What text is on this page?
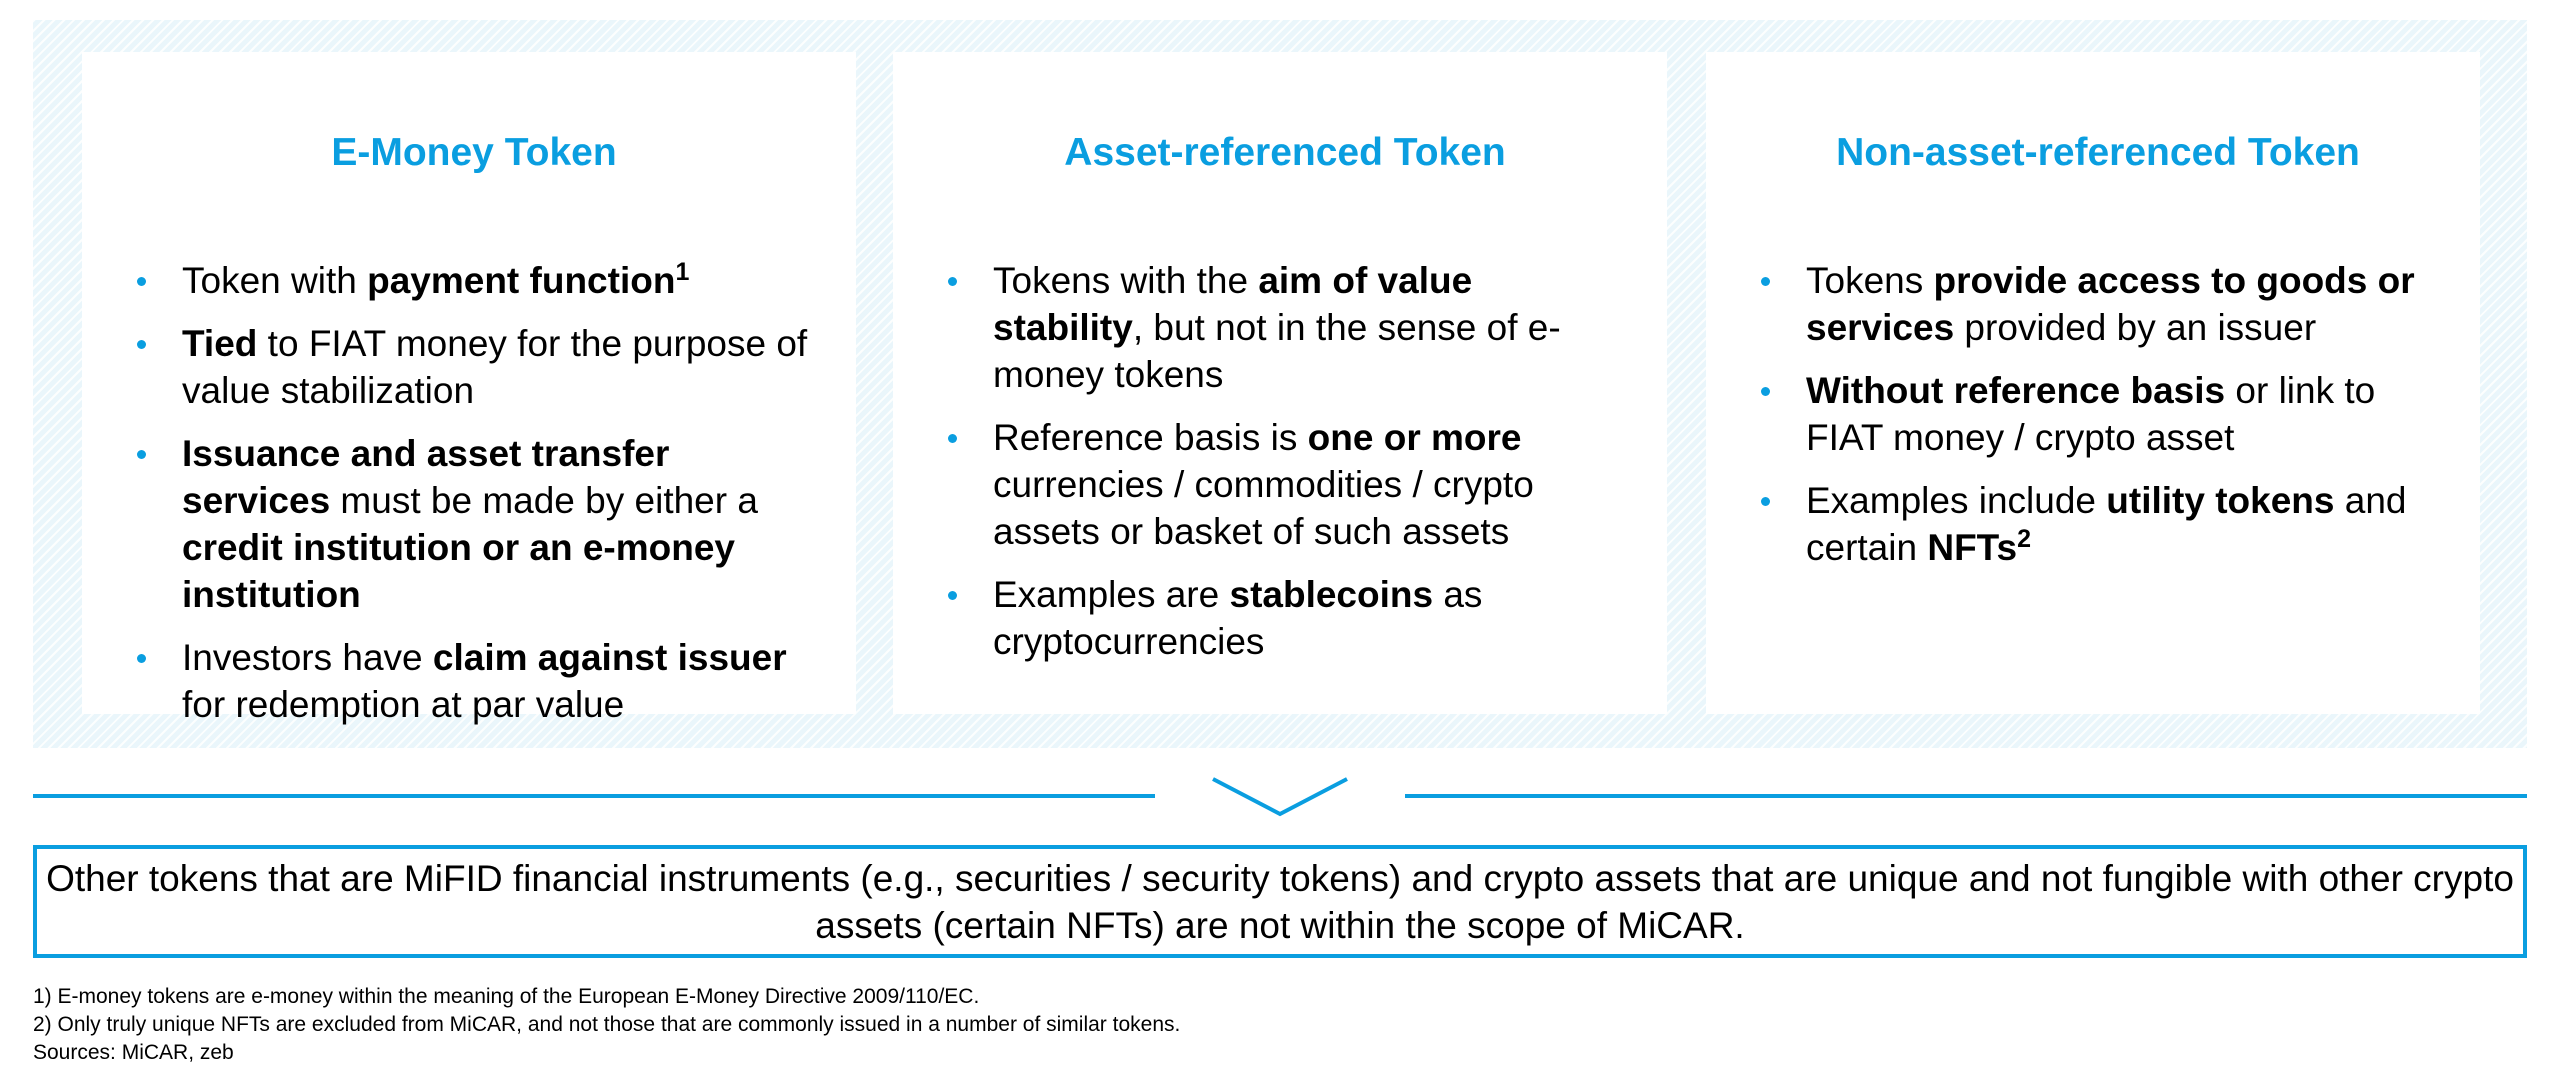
E-Money Token
Token with payment function$^1$
Tied to FIAT money for the purpose of value stabilization
Issuance and asset transfer services must be made by either a credit institution or an e-money institution
Investors have claim against issuer for redemption at par value
Asset-referenced Token
Tokens with the aim of value stability, but not in the sense of e-money tokens
Reference basis is one or more currencies / commodities / crypto assets or basket of such assets
Examples are stablecoins as cryptocurrencies
Non-asset-referenced Token
Tokens provide access to goods or services provided by an issuer
Without reference basis or link to FIAT money / crypto asset
Examples include utility tokens and certain NFTs$^2$
Other tokens that are MiFID financial instruments (e.g., securities / security tokens) and crypto assets that are unique and not fungible with other crypto assets (certain NFTs) are not within the scope of MiCAR.
1) E-money tokens are e-money within the meaning of the European E-Money Directive 2009/110/EC.
2) Only truly unique NFTs are excluded from MiCAR, and not those that are commonly issued in a number of similar tokens.
Sources: MiCAR, zeb
